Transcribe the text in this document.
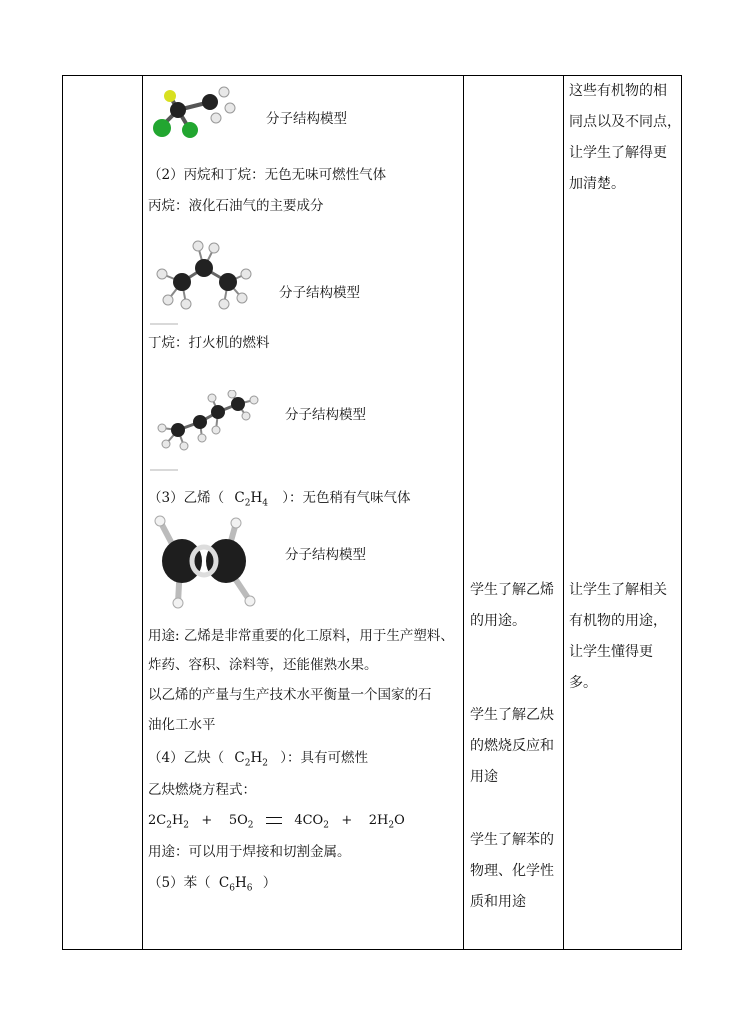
分子结构模型
（2）丙烷和丁烷：无色无味可燃性气体
丙烷：液化石油气的主要成分
分子结构模型
丁烷：打火机的燃料
分子结构模型
（3）乙烯（ $C_2H_4$ ）：无色稍有气味气体
分子结构模型
用途: 乙烯是非常重要的化工原料，用于生产塑料、
炸药、容积、涂料等，还能催熟水果。
以乙烯的产量与生产技术水平衡量一个国家的石
油化工水平
（4）乙炔（ $C_2H_2$ ）：具有可燃性
乙炔燃烧方程式：
$2C_2H_2$   +    $5O_2$      $4CO_2$   +    $2H_2O$
用途：可以用于焊接和切割金属。
（5）苯（ $C_6H_6$ ）

学生了解乙烯

的用途。

学生了解乙炔

的燃烧反应和

用途

学生了解苯的

物理、化学性

质和用途

这些有机物的相

同点以及不同点，

让学生了解得更

加清楚。

让学生了解相关

有机物的用途，

让学生懂得更

多。
